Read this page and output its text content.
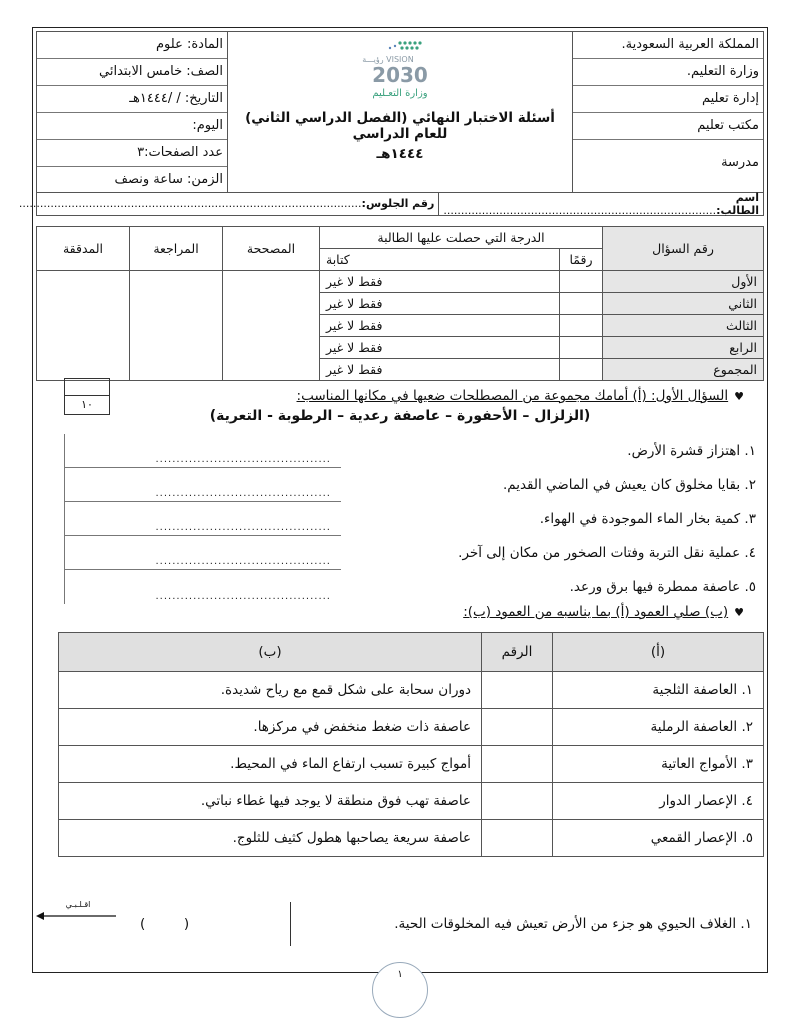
المملكة العربية السعودية.
وزارة التعليم.
إدارة تعليم
مكتب تعليم
مدرسة
VISION رؤيـــة
2030
وزارة التعـليم
أسئلة الاختبار النهائي (الفصل الدراسي الثاني) للعام الدراسي
١٤٤٤هـ
المادة: علوم
الصف: خامس الابتدائي
التاريخ: / /١٤٤٤هـ
اليوم:
عدد الصفحات:٣
الزمن: ساعة ونصف
اسم الطالب:..............................................................................
رقم الجلوس:..................................................................................................
رقم السؤال	الدرجة التي حصلت عليها الطالبة		المصححة	المراجعة	المدققة
	رقمًا	كتابة			
الأول		فقط لا غير			
الثاني		فقط لا غير			
الثالث		فقط لا غير			
الرابع		فقط لا غير			
المجموع		فقط لا غير			
١٠
♥السؤال الأول: (أ) أمامك مجموعة من المصطلحات ضعيها في مكانها المناسب:
(الزلزال – الأحفورة – عاصفة رعدية – الرطوبة - التعرية)
١. اهتزاز قشرة الأرض.
..........................................
٢. بقايا مخلوق كان يعيش في الماضي القديم.
..........................................
٣. كمية بخار الماء الموجودة في الهواء.
..........................................
٤. عملية نقل التربة وفتات الصخور من مكان إلى آخر.
..........................................
٥. عاصفة ممطرة فيها برق ورعد.
..........................................
♥(ب) صلي العمود (أ) بما يناسبه من العمود (ب):
(أ)	الرقم	(ب)
١. العاصفة الثلجية		دوران سحابة على شكل قمع مع رياح شديدة.
٢. العاصفة الرملية		عاصفة ذات ضغط منخفض في مركزها.
٣. الأمواج العاتية		أمواج كبيرة تسبب ارتفاع الماء في المحيط.
٤. الإعصار الدوار		عاصفة تهب فوق منطقة لا يوجد فيها غطاء نباتي.
٥. الإعصار القمعي		عاصفة سريعة يصاحبها هطول كثيف للثلوج.
١. الغلاف الحيوي هو جزء من الأرض تعيش فيه المخلوقات الحية.
(         )
اقـلـبـي
١
